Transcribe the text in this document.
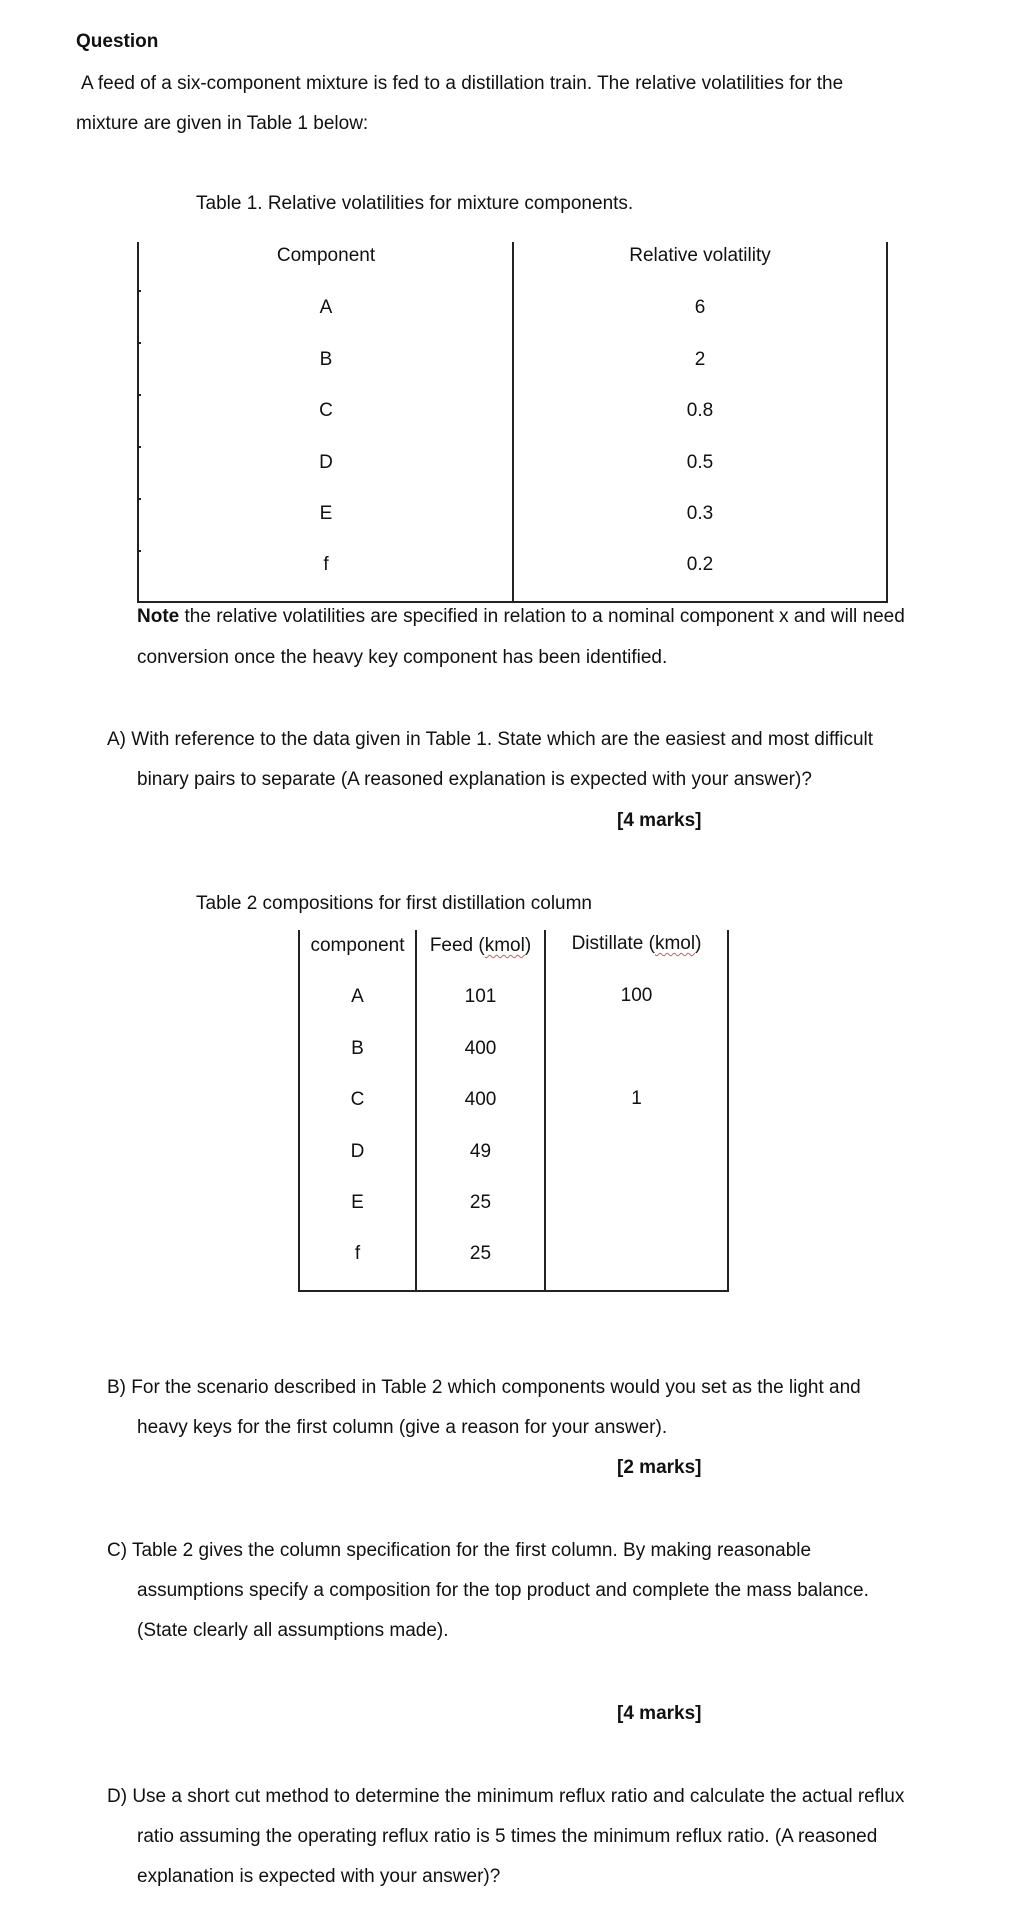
Question
A feed of a six-component mixture is fed to a distillation train. The relative volatilities for the
mixture are given in Table 1 below:
Table 1. Relative volatilities for mixture components.
Component	Relative volatility
A	6
B	2
C	0.8
D	0.5
E	0.3
f	0.2
Note the relative volatilities are specified in relation to a nominal component x and will need
conversion once the heavy key component has been identified.
A) With reference to the data given in Table 1. State which are the easiest and most difficult
binary pairs to separate (A reasoned explanation is expected with your answer)?
[4 marks]
Table 2 compositions for first distillation column
component	Feed (kmol)	Distillate (kmol)
A	101	100
B	400
C	400	1
D	49
E	25
f	25
B) For the scenario described in Table 2 which components would you set as the light and
heavy keys for the first column (give a reason for your answer).
[2 marks]
C) Table 2 gives the column specification for the first column. By making reasonable
assumptions specify a composition for the top product and complete the mass balance.
(State clearly all assumptions made).
[4 marks]
D) Use a short cut method to determine the minimum reflux ratio and calculate the actual reflux
ratio assuming the operating reflux ratio is 5 times the minimum reflux ratio. (A reasoned
explanation is expected with your answer)?
